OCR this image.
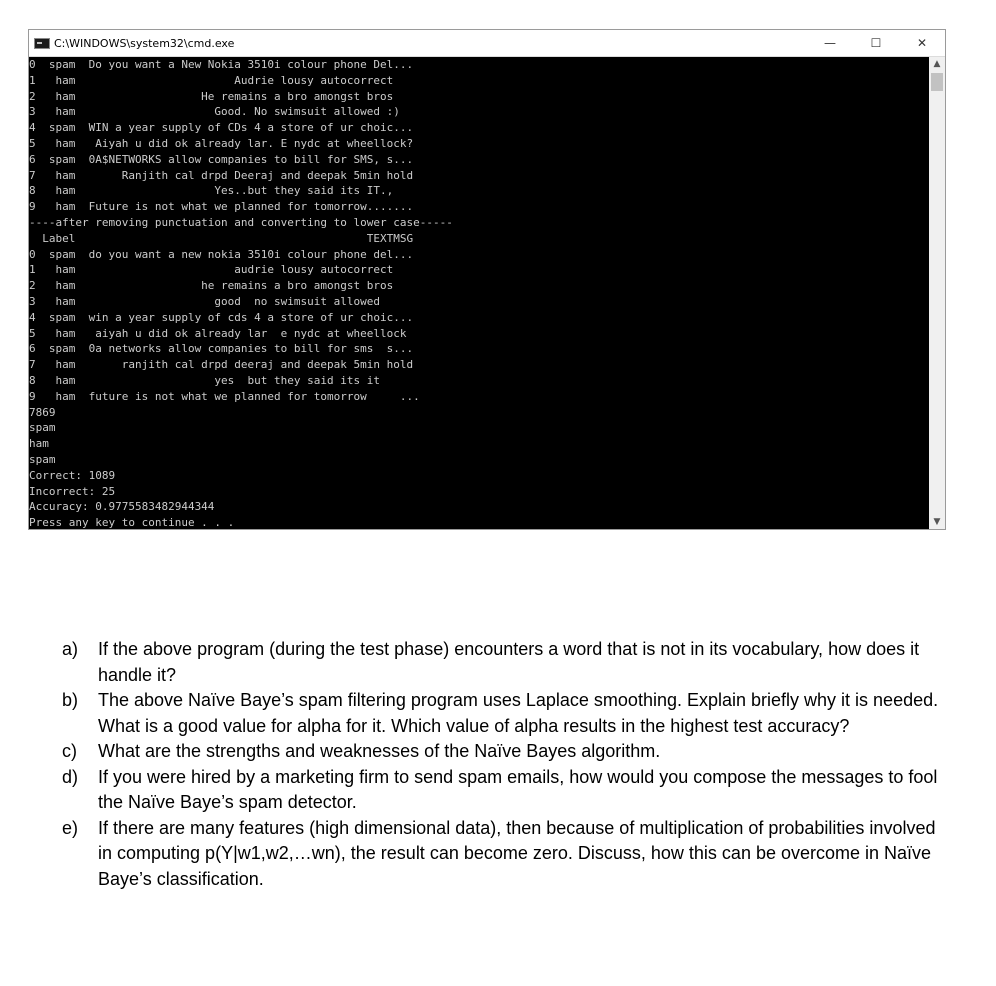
C:\WINDOWS\system32\cmd.exe	—	☐	✕
0  spam  Do you want a New Nokia 3510i colour phone Del...
1   ham                        Audrie lousy autocorrect
2   ham                   He remains a bro amongst bros
3   ham                     Good. No swimsuit allowed :)
4  spam  WIN a year supply of CDs 4 a store of ur choic...
5   ham   Aiyah u did ok already lar. E nydc at wheellock?
6  spam  0A$NETWORKS allow companies to bill for SMS, s...
7   ham       Ranjith cal drpd Deeraj and deepak 5min hold
8   ham                     Yes..but they said its IT.,
9   ham  Future is not what we planned for tomorrow.......
----after removing punctuation and converting to lower case-----
Label                                            TEXTMSG
0  spam  do you want a new nokia 3510i colour phone del...
1   ham                        audrie lousy autocorrect
2   ham                   he remains a bro amongst bros
3   ham                     good  no swimsuit allowed
4  spam  win a year supply of cds 4 a store of ur choic...
5   ham   aiyah u did ok already lar  e nydc at wheellock
6  spam  0a networks allow companies to bill for sms  s...
7   ham       ranjith cal drpd deeraj and deepak 5min hold
8   ham                     yes  but they said its it
9   ham  future is not what we planned for tomorrow     ...
7869
spam
ham
spam
Correct: 1089
Incorrect: 25
Accuracy: 0.9775583482944344
Press any key to continue . . .
▲
▼
a)	If the above program (during the test phase) encounters a word that is not in its vocabulary, how does it handle it?
b)	The above Naïve Baye’s spam filtering program uses Laplace smoothing. Explain briefly why it is needed. What is a good value for alpha for it. Which value of alpha results in the highest test accuracy?
c)	What are the strengths and weaknesses of the Naïve Bayes algorithm.
d)	If you were hired by a marketing firm to send spam emails, how would you compose the messages to fool the Naïve Baye’s spam detector.
e)	If there are many features (high dimensional data), then because of multiplication of probabilities involved in computing p(Y|w1,w2,…wn), the result can become zero. Discuss, how this can be overcome in Naïve Baye’s classification.
